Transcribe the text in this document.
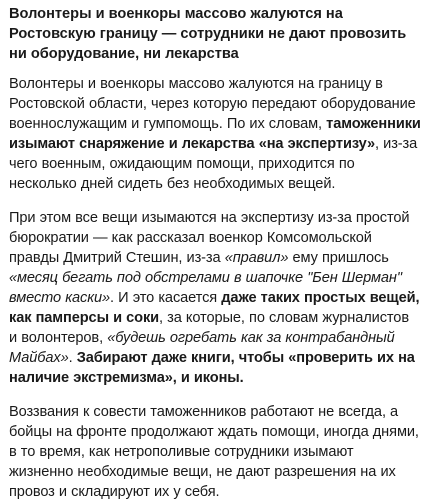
Волонтеры и военкоры массово жалуются на Ростовскую границу — сотрудники не дают провозить ни оборудование, ни лекарства
Волонтеры и военкоры массово жалуются на границу в Ростовской области, через которую передают оборудование военнослужащим и гумпомощь. По их словам, таможенники изымают снаряжение и лекарства «на экспертизу», из-за чего военным, ожидающим помощи, приходится по несколько дней сидеть без необходимых вещей.
При этом все вещи изымаются на экспертизу из-за простой бюрократии — как рассказал военкор Комсомольской правды Дмитрий Стешин, из-за «правил» ему пришлось «месяц бегать под обстрелами в шапочке "Бен Шерман" вместо каски». И это касается даже таких простых вещей, как памперсы и соки, за которые, по словам журналистов и волонтеров, «будешь огребать как за контрабандный Майбах». Забирают даже книги, чтобы «проверить их на наличие экстремизма», и иконы.
Воззвания к совести таможенников работают не всегда, а бойцы на фронте продолжают ждать помощи, иногда днями, в то время, как нетрополивые сотрудники изымают жизненно необходимые вещи, не дают разрешения на их провоз и складируют их у себя.
